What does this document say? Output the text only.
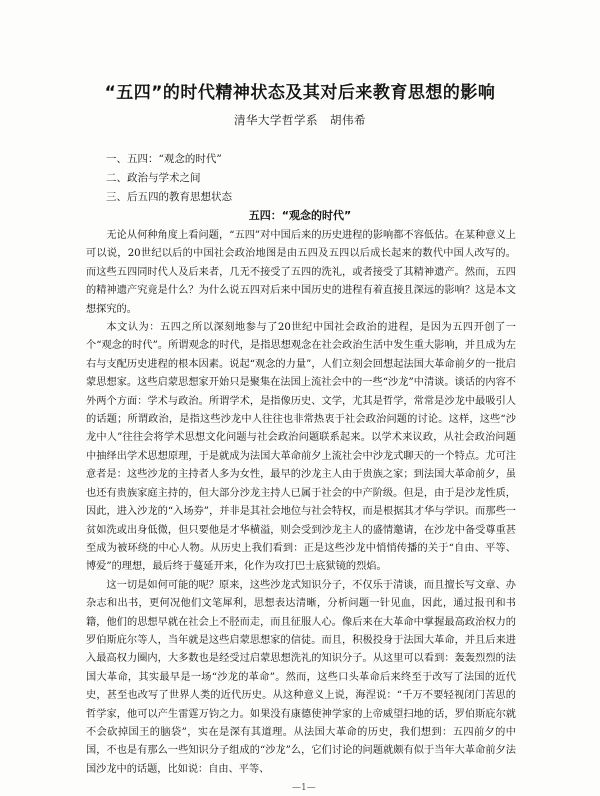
“五四”的时代精神状态及其对后来教育思想的影响
清华大学哲学系　胡伟希
一、五四：“观念的时代”
二、政治与学术之间
三、后五四的教育思想状态
五四：“观念的时代”

无论从何种角度上看问题，“五四”对中国后来的历史进程的影响都不容低估。在某种意义上可以说，20世纪以后的中国社会政治地图是由五四及五四以后成长起来的数代中国人改写的。而这些五四同时代人及后来者，几无不接受了五四的洗礼，或者接受了其精神遗产。然而，五四的精神遗产究竟是什么？为什么说五四对后来中国历史的进程有着直接且深远的影响？这是本文想探究的。

本文认为：五四之所以深刻地参与了20世纪中国社会政治的进程，是因为五四开创了一个“观念的时代”。所谓观念的时代，是指思想观念在社会政治生活中发生重大影响，并且成为左右与支配历史进程的根本因素。说起“观念的力量”，人们立刻会回想起法国大革命前夕的一批启蒙思想家。这些启蒙思想家开始只是聚集在法国上流社会中的一些“沙龙”中清谈。谈话的内容不外两个方面：学术与政治。所谓学术，是指像历史、文学，尤其是哲学，常常是沙龙中最吸引人的话题；所谓政治，是指这些沙龙中人往往也非常热衷于社会政治问题的讨论。这样，这些“沙龙中人”往往会将学术思想文化问题与社会政治问题联系起来。以学术来议政，从社会政治问题中抽绎出学术思想原理，于是就成为法国大革命前夕上流社会中沙龙式聊天的一个特点。尤可注意者是：这些沙龙的主持者人多为女性，最早的沙龙主人由于贵族之家；到法国大革命前夕，虽也还有贵族家庭主持的，但大部分沙龙主持人已属于社会的中产阶级。但是，由于是沙龙性质，因此，进入沙龙的“入场券”，并非是其社会地位与社会特权，而是根据其才华与学识。而那些一贫如洗或出身低微，但只要他是才华横溢，则会受到沙龙主人的盛情邀请，在沙龙中备受尊重甚至成为被环绕的中心人物。从历史上我们看到：正是这些沙龙中悄悄传播的关于“自由、平等、博爱”的理想，最后终于蔓延开来，化作为攻打巴士底狱镜的烈焰。

这一切是如何可能的呢？原来，这些沙龙式知识分子，不仅乐于清谈，而且擅长写文章、办杂志和出书，更何况他们文笔犀利，思想表达清晰，分析问题一针见血，因此，通过报刊和书籍，他们的思想早就在社会上不胫而走，而且征服人心。像后来在大革命中掌握最高政治权力的罗伯斯庇尔等人，当年就是这些启蒙思想家的信徒。而且，积极投身于法国大革命，并且后来进入最高权力圈内，大多数也是经受过启蒙思想洗礼的知识分子。从这里可以看到：轰轰烈烈的法国大革命，其实最早是一场“沙龙的革命”。然而，这些口头革命后来终至于改写了法国的近代史，甚至也改写了世界人类的近代历史。从这种意义上说，海涅说：“千万不要轻视闭门苦思的哲学家，他可以产生雷霆万钧之力。如果没有康德使神学家的上帝威望扫地的话，罗伯斯庇尔就不会砍掉国王的脑袋”，实在是深有其道理。从法国大革命的历史，我们想到：五四前夕的中国，不也是有那么一些知识分子组成的“沙龙”么，它们讨论的问题就颇有似于当年大革命前夕法国沙龙中的话题，比如说：自由、平等、

—1—
